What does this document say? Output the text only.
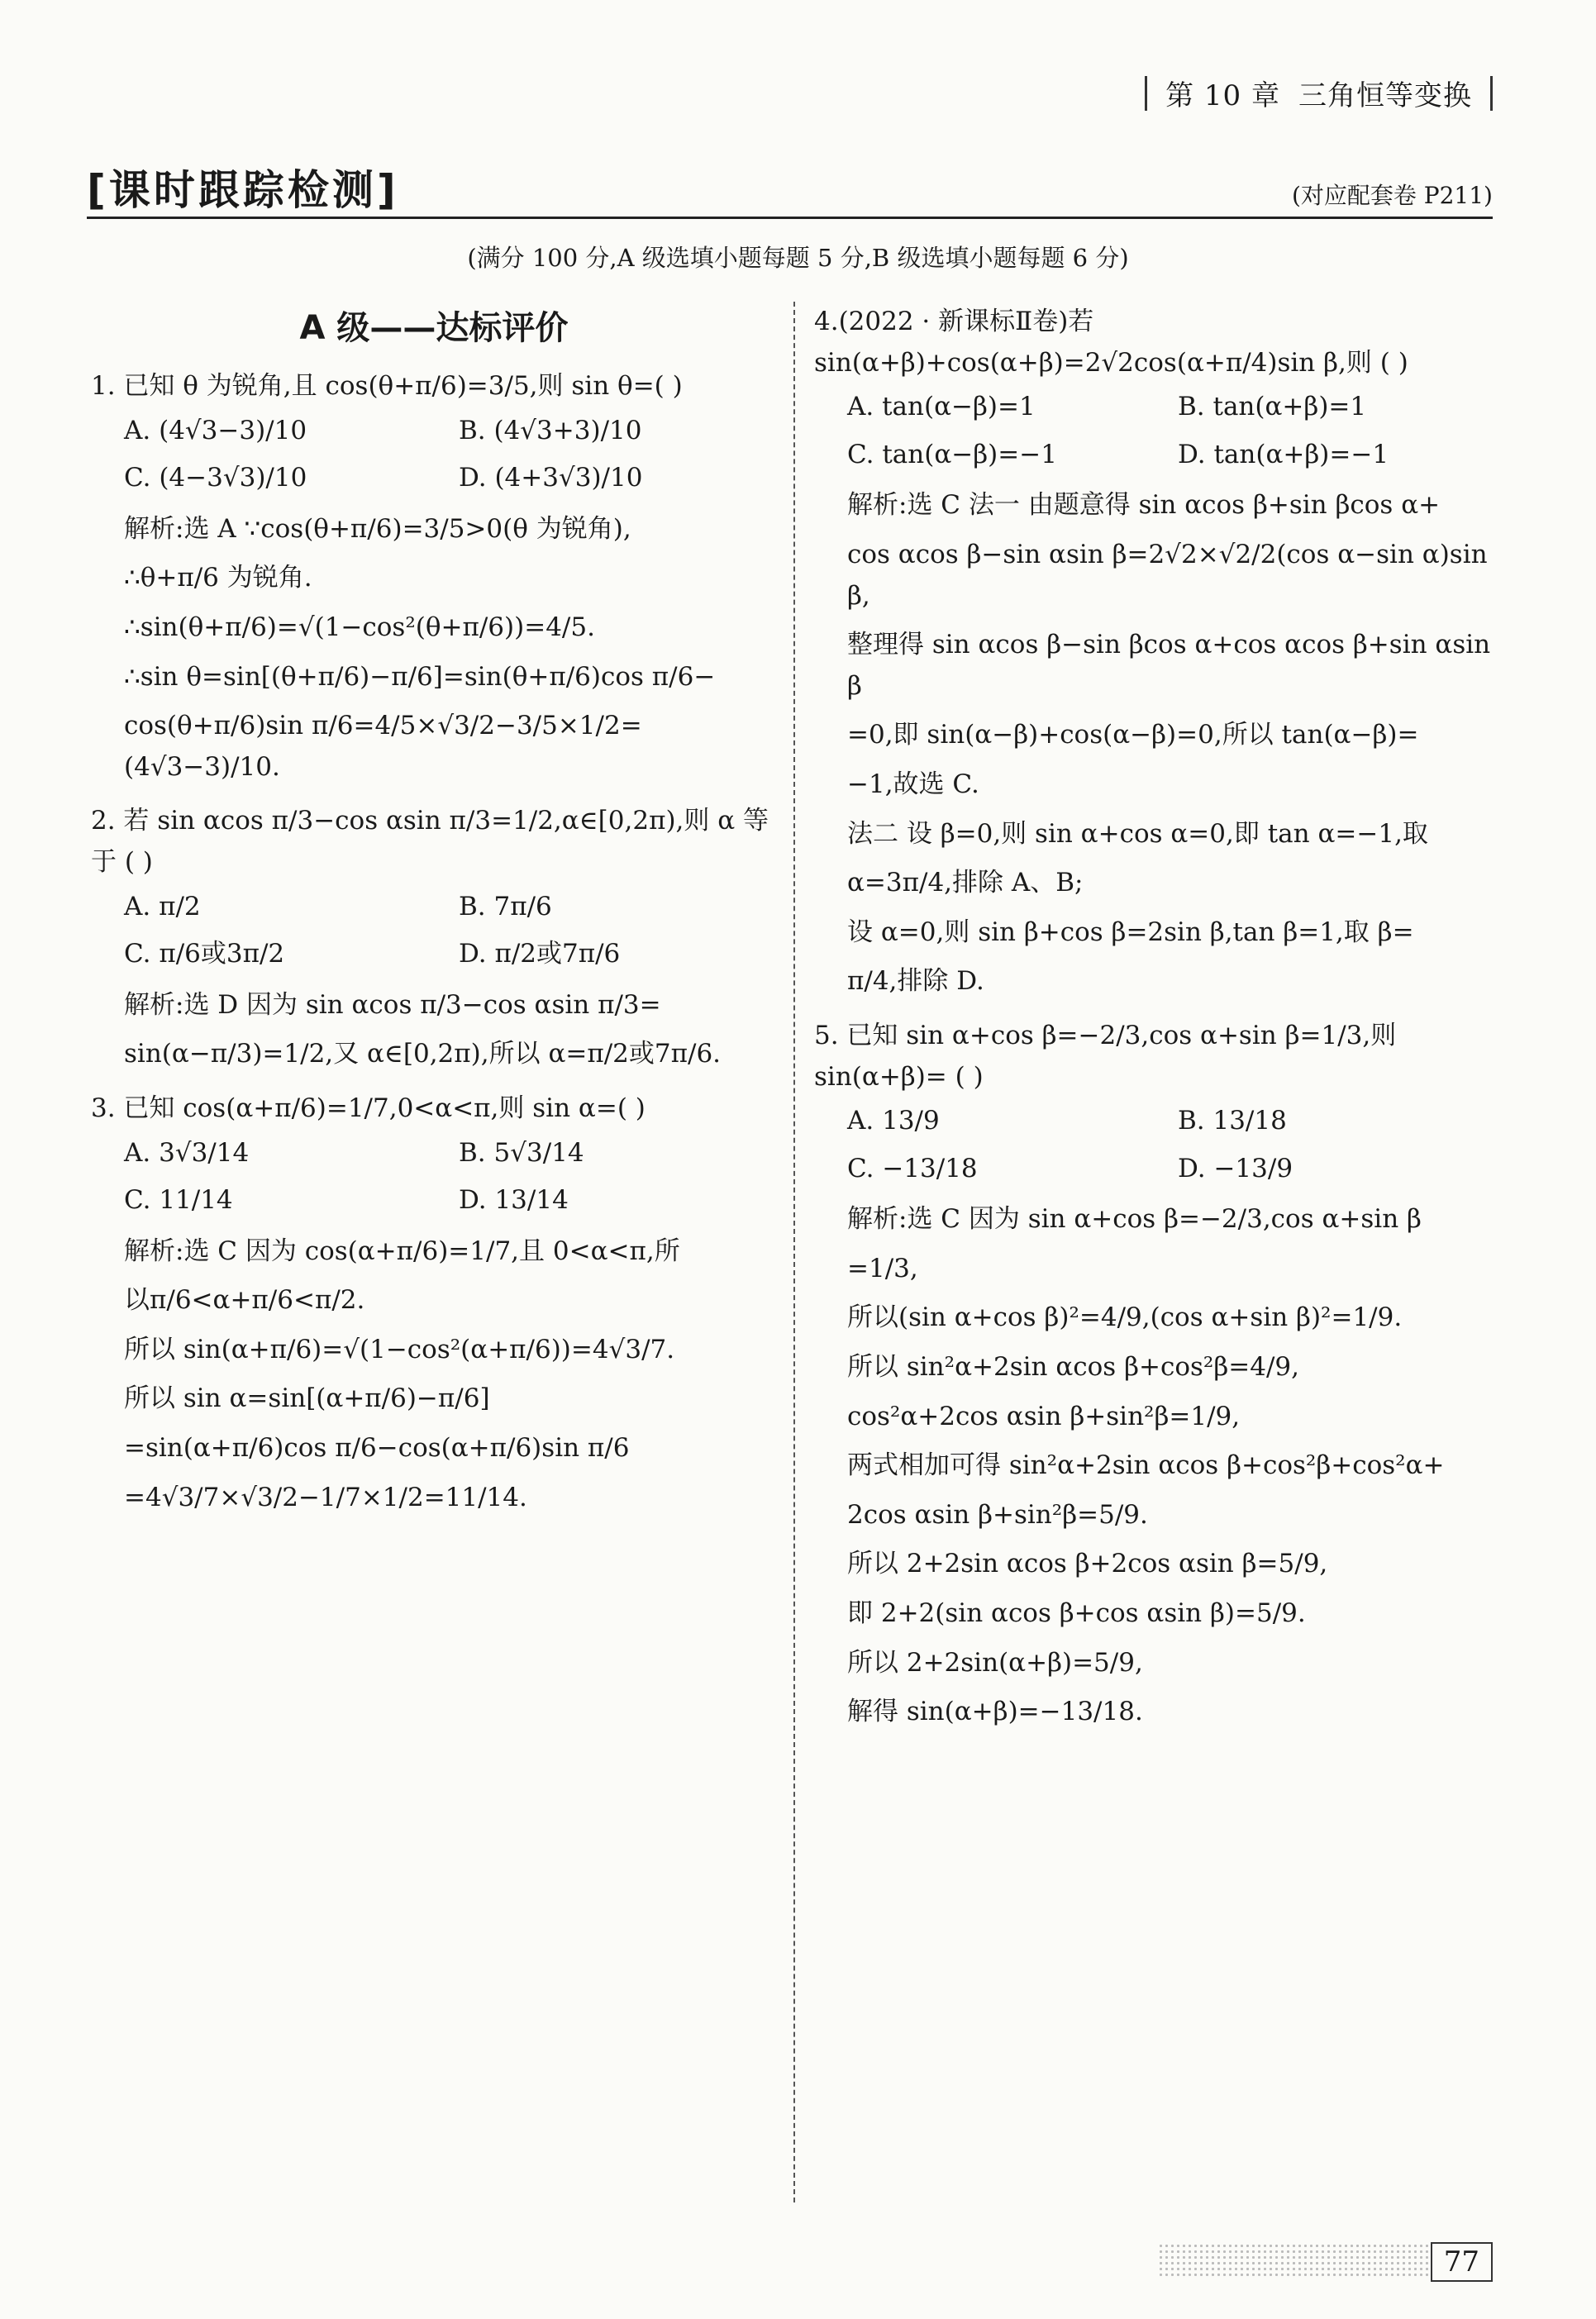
第 10 章 三角恒等变换
[课时跟踪检测]	(对应配套卷 P211)
(满分 100 分,A 级选填小题每题 5 分,B 级选填小题每题 6 分)
A 级——达标评价
1. 已知 θ 为锐角,且 cos(θ+π/6)=3/5,则 sin θ=( )
A. (4√3−3)/10	B. (4√3+3)/10
C. (4−3√3)/10	D. (4+3√3)/10

解析:选 A ∵cos(θ+π/6)=3/5>0(θ 为锐角),

∴θ+π/6 为锐角.

∴sin(θ+π/6)=√(1−cos²(θ+π/6))=4/5.

∴sin θ=sin[(θ+π/6)−π/6]=sin(θ+π/6)cos π/6−

cos(θ+π/6)sin π/6=4/5×√3/2−3/5×1/2=(4√3−3)/10.

2. 若 sin αcos π/3−cos αsin π/3=1/2,α∈[0,2π),则 α 等于 ( )
A. π/2	B. 7π/6
C. π/6或3π/2	D. π/2或7π/6

解析:选 D 因为 sin αcos π/3−cos αsin π/3=

sin(α−π/3)=1/2,又 α∈[0,2π),所以 α=π/2或7π/6.

3. 已知 cos(α+π/6)=1/7,0<α<π,则 sin α=( )
A. 3√3/14	B. 5√3/14
C. 11/14	D. 13/14

解析:选 C 因为 cos(α+π/6)=1/7,且 0<α<π,所

以π/6<α+π/6<π/2.

所以 sin(α+π/6)=√(1−cos²(α+π/6))=4√3/7.

所以 sin α=sin[(α+π/6)−π/6]

=sin(α+π/6)cos π/6−cos(α+π/6)sin π/6

=4√3/7×√3/2−1/7×1/2=11/14.

4.(2022 · 新课标Ⅱ卷)若 sin(α+β)+cos(α+β)=2√2cos(α+π/4)sin β,则 ( )
A. tan(α−β)=1	B. tan(α+β)=1
C. tan(α−β)=−1	D. tan(α+β)=−1

解析:选 C 法一 由题意得 sin αcos β+sin βcos α+

cos αcos β−sin αsin β=2√2×√2/2(cos α−sin α)sin β,

整理得 sin αcos β−sin βcos α+cos αcos β+sin αsin β

=0,即 sin(α−β)+cos(α−β)=0,所以 tan(α−β)=

−1,故选 C.

法二 设 β=0,则 sin α+cos α=0,即 tan α=−1,取

α=3π/4,排除 A、B;

设 α=0,则 sin β+cos β=2sin β,tan β=1,取 β=

π/4,排除 D.

5. 已知 sin α+cos β=−2/3,cos α+sin β=1/3,则 sin(α+β)= ( )
A. 13/9	B. 13/18
C. −13/18	D. −13/9

解析:选 C 因为 sin α+cos β=−2/3,cos α+sin β

=1/3,

所以(sin α+cos β)²=4/9,(cos α+sin β)²=1/9.

所以 sin²α+2sin αcos β+cos²β=4/9,

cos²α+2cos αsin β+sin²β=1/9,

两式相加可得 sin²α+2sin αcos β+cos²β+cos²α+

2cos αsin β+sin²β=5/9.

所以 2+2sin αcos β+2cos αsin β=5/9,

即 2+2(sin αcos β+cos αsin β)=5/9.

所以 2+2sin(α+β)=5/9,

解得 sin(α+β)=−13/18.

77
